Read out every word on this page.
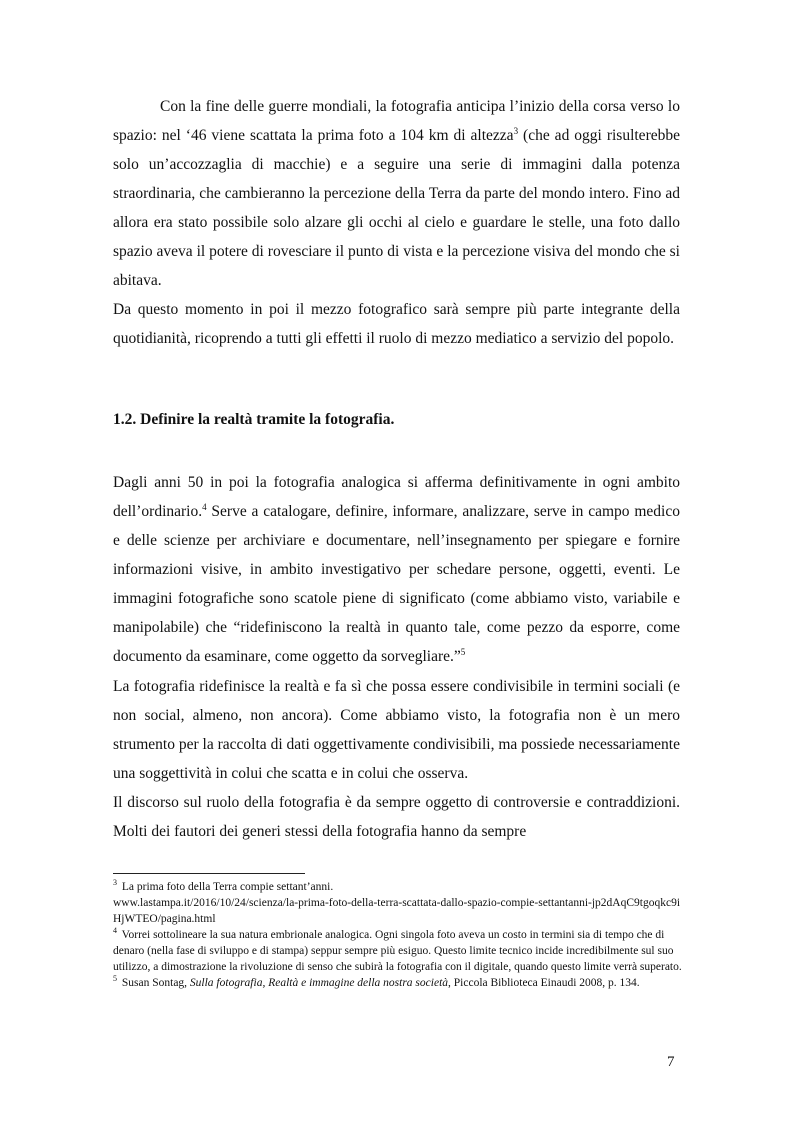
Con la fine delle guerre mondiali, la fotografia anticipa l’inizio della corsa verso lo spazio: nel ‘46 viene scattata la prima foto a 104 km di altezza$^3$ (che ad oggi risulterebbe solo un’accozzaglia di macchie) e a seguire una serie di immagini dalla potenza straordinaria, che cambieranno la percezione della Terra da parte del mondo intero. Fino ad allora era stato possibile solo alzare gli occhi al cielo e guardare le stelle, una foto dallo spazio aveva il potere di rovesciare il punto di vista e la percezione visiva del mondo che si abitava.

Da questo momento in poi il mezzo fotografico sarà sempre più parte integrante della quotidianità, ricoprendo a tutti gli effetti il ruolo di mezzo mediatico a servizio del popolo.

1.2. Definire la realtà tramite la fotografia.

Dagli anni 50 in poi la fotografia analogica si afferma definitivamente in ogni ambito dell’ordinario.$^4$ Serve a catalogare, definire, informare, analizzare, serve in campo medico e delle scienze per archiviare e documentare, nell’insegnamento per spiegare e fornire informazioni visive, in ambito investigativo per schedare persone, oggetti, eventi. Le immagini fotografiche sono scatole piene di significato (come abbiamo visto, variabile e manipolabile) che “ridefiniscono la realtà in quanto tale, come pezzo da esporre, come documento da esaminare, come oggetto da sorvegliare.”$^5$

La fotografia ridefinisce la realtà e fa sì che possa essere condivisibile in termini sociali (e non social, almeno, non ancora). Come abbiamo visto, la fotografia non è un mero strumento per la raccolta di dati oggettivamente condivisibili, ma possiede necessariamente una soggettività in colui che scatta e in colui che osserva.

Il discorso sul ruolo della fotografia è da sempre oggetto di controversie e contraddizioni. Molti dei fautori dei generi stessi della fotografia hanno da sempre

$^3$ La prima foto della Terra compie settant’anni.
www.lastampa.it/2016/10/24/scienza/la-prima-foto-della-terra-scattata-dallo-spazio-compie-settantanni-jp2dAqC9tgoqkc9iHjWTEO/pagina.html

$^4$ Vorrei sottolineare la sua natura embrionale analogica. Ogni singola foto aveva un costo in termini sia di tempo che di denaro (nella fase di sviluppo e di stampa) seppur sempre più esiguo. Questo limite tecnico incide incredibilmente sul suo utilizzo, a dimostrazione la rivoluzione di senso che subirà la fotografia con il digitale, quando questo limite verrà superato.

$^5$ Susan Sontag, Sulla fotografia, Realtà e immagine della nostra società, Piccola Biblioteca Einaudi 2008, p. 134.

7
